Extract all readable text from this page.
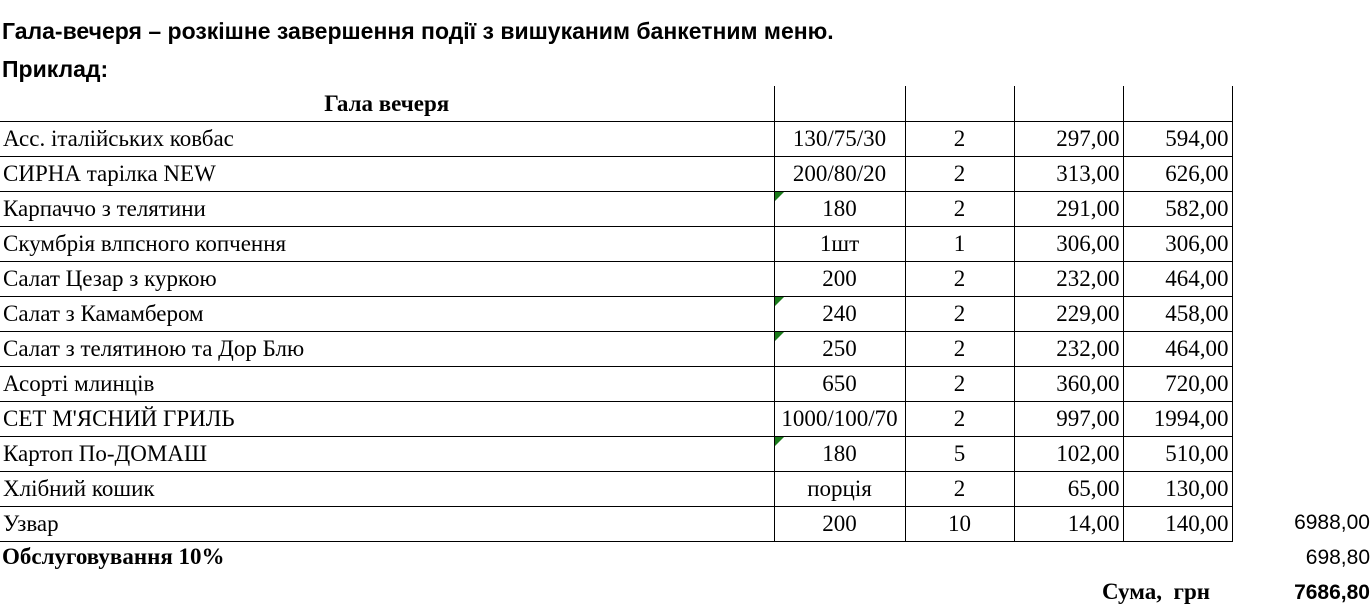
Гала-вечеря – розкішне завершення події з вишуканим банкетним меню.
Приклад:
Гала вечеря				
Асс. італійських ковбас	130/75/30	2	297,00	594,00
СИРНА тарілка NEW	200/80/20	2	313,00	626,00
Карпаччо з телятини	180	2	291,00	582,00
Скумбрія влпсного копчення	1шт	1	306,00	306,00
Салат Цезар з куркою	200	2	232,00	464,00
Салат з Камамбером	240	2	229,00	458,00
Салат з телятиною та Дор Блю	250	2	232,00	464,00
Асорті млинців	650	2	360,00	720,00
СЕТ М'ЯСНИЙ ГРИЛЬ	1000/100/70	2	997,00	1994,00
Картоп По-ДОМАШ	180	5	102,00	510,00
Хлібний кошик	порція	2	65,00	130,00
Узвар	200	10	14,00	140,00	6988,00
Обслуговування 10%	698,80
Сума,  грн	7686,80
